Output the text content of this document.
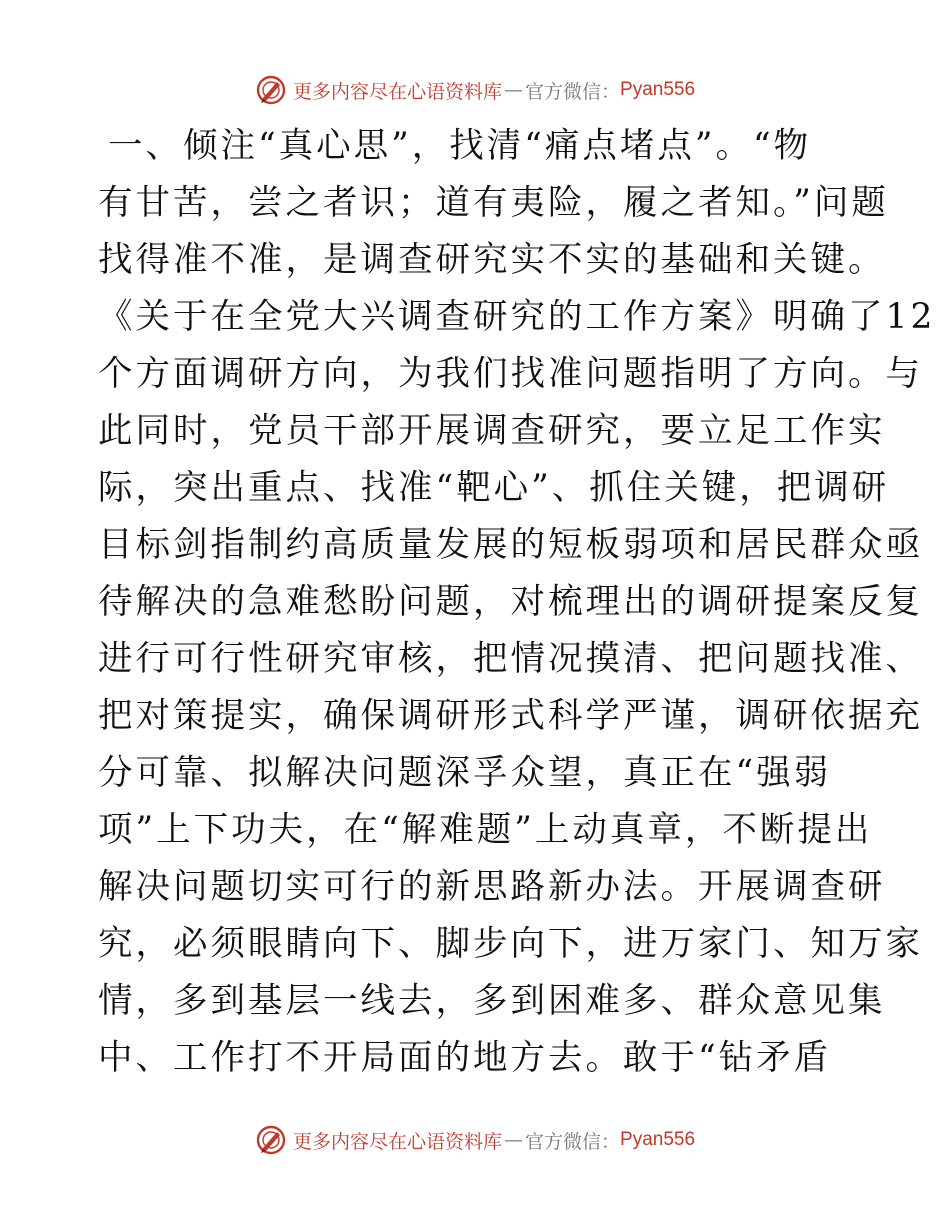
更多内容尽在心语资料库 — 官方微信 ： Pyan556
一、倾注“真心思”，找清“痛点堵点”。“物
有甘苦，尝之者识；道有夷险，履之者知。”问题
找得准不准，是调查研究实不实的基础和关键。
《关于在全党大兴调查研究的工作方案》明确了12
个方面调研方向，为我们找准问题指明了方向。与
此同时，党员干部开展调查研究，要立足工作实
际，突出重点、找准“靶心”、抓住关键，把调研
目标剑指制约高质量发展的短板弱项和居民群众亟
待解决的急难愁盼问题，对梳理出的调研提案反复
进行可行性研究审核，把情况摸清、把问题找准、
把对策提实，确保调研形式科学严谨，调研依据充
分可靠、拟解决问题深孚众望，真正在“强弱
项”上下功夫，在“解难题”上动真章，不断提出
解决问题切实可行的新思路新办法。开展调查研
究，必须眼睛向下、脚步向下，进万家门、知万家
情，多到基层一线去，多到困难多、群众意见集
中、工作打不开局面的地方去。敢于“钻矛盾
更多内容尽在心语资料库 — 官方微信 ： Pyan556
